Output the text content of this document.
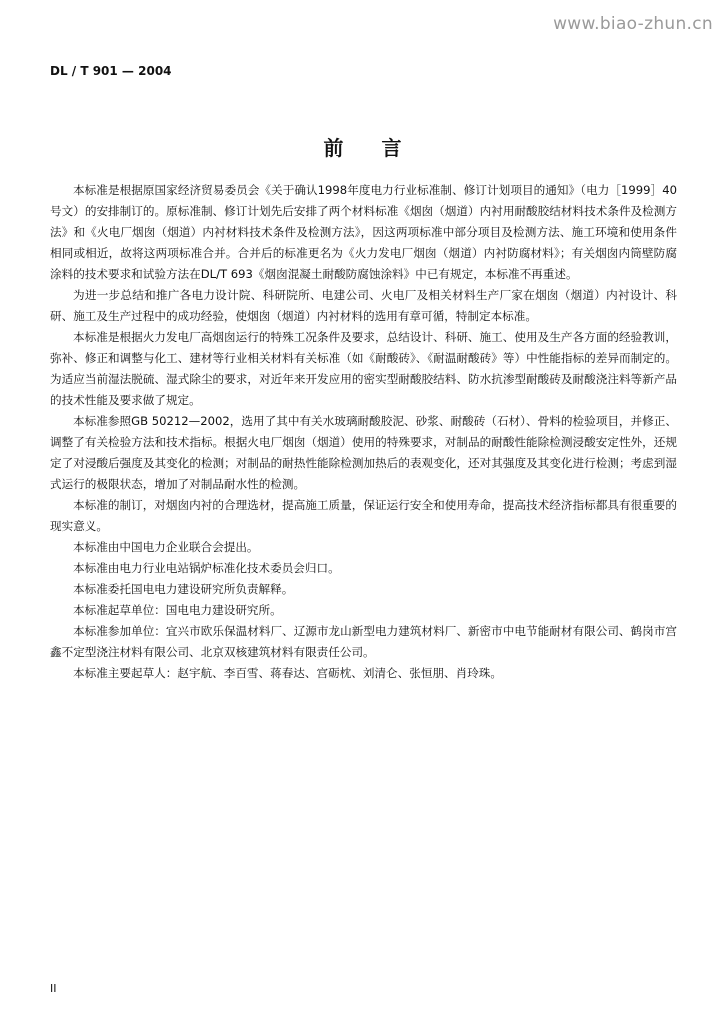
www.biao-zhun.cn
DL / T 901 — 2004
前言

本标准是根据原国家经济贸易委员会《关于确认1998年度电力行业标准制、修订计划项目的通知》（电力［1999］40号文）的安排制订的。原标准制、修订计划先后安排了两个材料标准《烟囱（烟道）内衬用耐酸胶结材料技术条件及检测方法》和《火电厂烟囱（烟道）内衬材料技术条件及检测方法》，因这两项标准中部分项目及检测方法、施工环境和使用条件相同或相近，故将这两项标准合并。合并后的标准更名为《火力发电厂烟囱（烟道）内衬防腐材料》；有关烟囱内筒壁防腐涂料的技术要求和试验方法在DL/T 693《烟囱混凝土耐酸防腐蚀涂料》中已有规定，本标准不再重述。

为进一步总结和推广各电力设计院、科研院所、电建公司、火电厂及相关材料生产厂家在烟囱（烟道）内衬设计、科研、施工及生产过程中的成功经验，使烟囱（烟道）内衬材料的选用有章可循，特制定本标准。

本标准是根据火力发电厂高烟囱运行的特殊工况条件及要求，总结设计、科研、施工、使用及生产各方面的经验教训，弥补、修正和调整与化工、建材等行业相关材料有关标准（如《耐酸砖》、《耐温耐酸砖》等）中性能指标的差异而制定的。为适应当前湿法脱硫、湿式除尘的要求，对近年来开发应用的密实型耐酸胶结料、防水抗渗型耐酸砖及耐酸浇注料等新产品的技术性能及要求做了规定。

本标准参照GB 50212—2002，选用了其中有关水玻璃耐酸胶泥、砂浆、耐酸砖（石材）、骨料的检验项目，并修正、调整了有关检验方法和技术指标。根据火电厂烟囱（烟道）使用的特殊要求，对制品的耐酸性能除检测浸酸安定性外，还规定了对浸酸后强度及其变化的检测；对制品的耐热性能除检测加热后的表观变化，还对其强度及其变化进行检测；考虑到湿式运行的极限状态，增加了对制品耐水性的检测。

本标准的制订，对烟囱内衬的合理选材，提高施工质量，保证运行安全和使用寿命，提高技术经济指标都具有很重要的现实意义。

本标准由中国电力企业联合会提出。

本标准由电力行业电站锅炉标准化技术委员会归口。

本标准委托国电电力建设研究所负责解释。

本标准起草单位：国电电力建设研究所。

本标准参加单位：宜兴市欧乐保温材料厂、辽源市龙山新型电力建筑材料厂、新密市中电节能耐材有限公司、鹤岗市宫鑫不定型浇注材料有限公司、北京双核建筑材料有限责任公司。

本标准主要起草人：赵宇航、李百雪、蒋春达、宫砺枕、刘清仑、张恒朋、肖玲珠。

II
